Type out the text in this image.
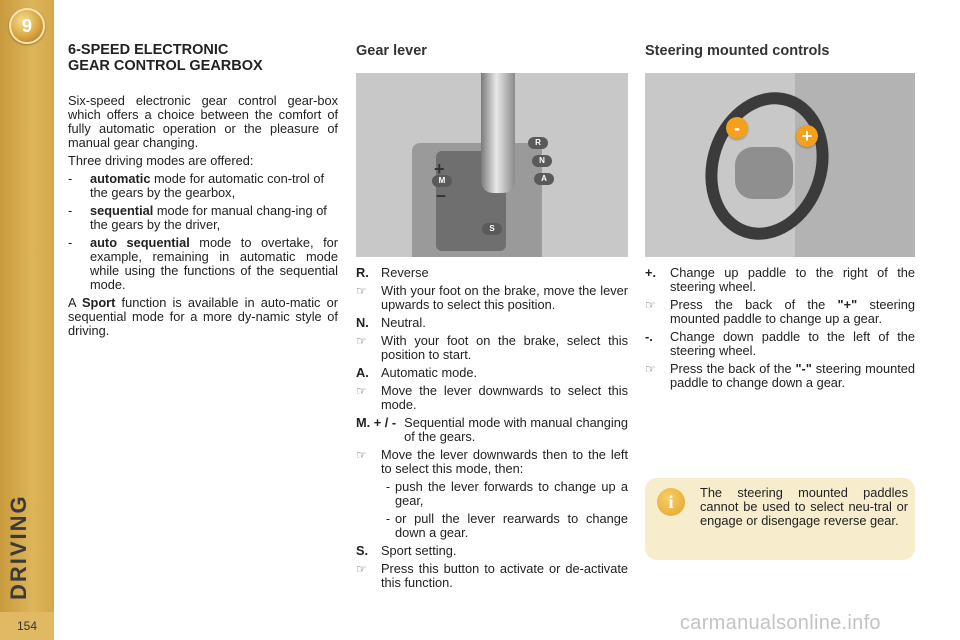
9
DRIVING
154
6-SPEED ELECTRONIC
GEAR CONTROL GEARBOX

Six-speed electronic gear control gear-box which offers a choice between the comfort of fully automatic operation or the pleasure of manual gear changing.

Three driving modes are offered:

-	automatic mode for automatic con-trol of the gears by the gearbox,
-	sequential mode for manual chang-ing of the gears by the driver,
-	auto sequential mode to overtake, for example, remaining in automatic mode while using the functions of the sequential mode.

A Sport function is available in auto-matic or sequential mode for a more dy-namic style of driving.

Gear lever
R
N
A
M
S
+
–
R. Reverse
☞	With your foot on the brake, move the lever upwards to select this position.
N. Neutral.
☞	With your foot on the brake, select this position to start.
A. Automatic mode.
☞	Move the lever downwards to select this mode.
M. + / - Sequential mode with manual changing of the gears.
☞	Move the lever downwards then to the left to select this mode, then:
- push the lever forwards to change up a gear,
- or pull the lever rearwards to change down a gear.
S.	Sport setting.
☞	Press this button to activate or de-activate this function.
Steering mounted controls
-	+
+.	Change up paddle to the right of the steering wheel.
☞	Press the back of the "+" steering mounted paddle to change up a gear.
-.	Change down paddle to the left of the steering wheel.
☞	Press the back of the "-" steering mounted paddle to change down a gear.
i	The steering mounted paddles cannot be used to select neu-tral or engage or disengage reverse gear.
carmanualsonline.info
